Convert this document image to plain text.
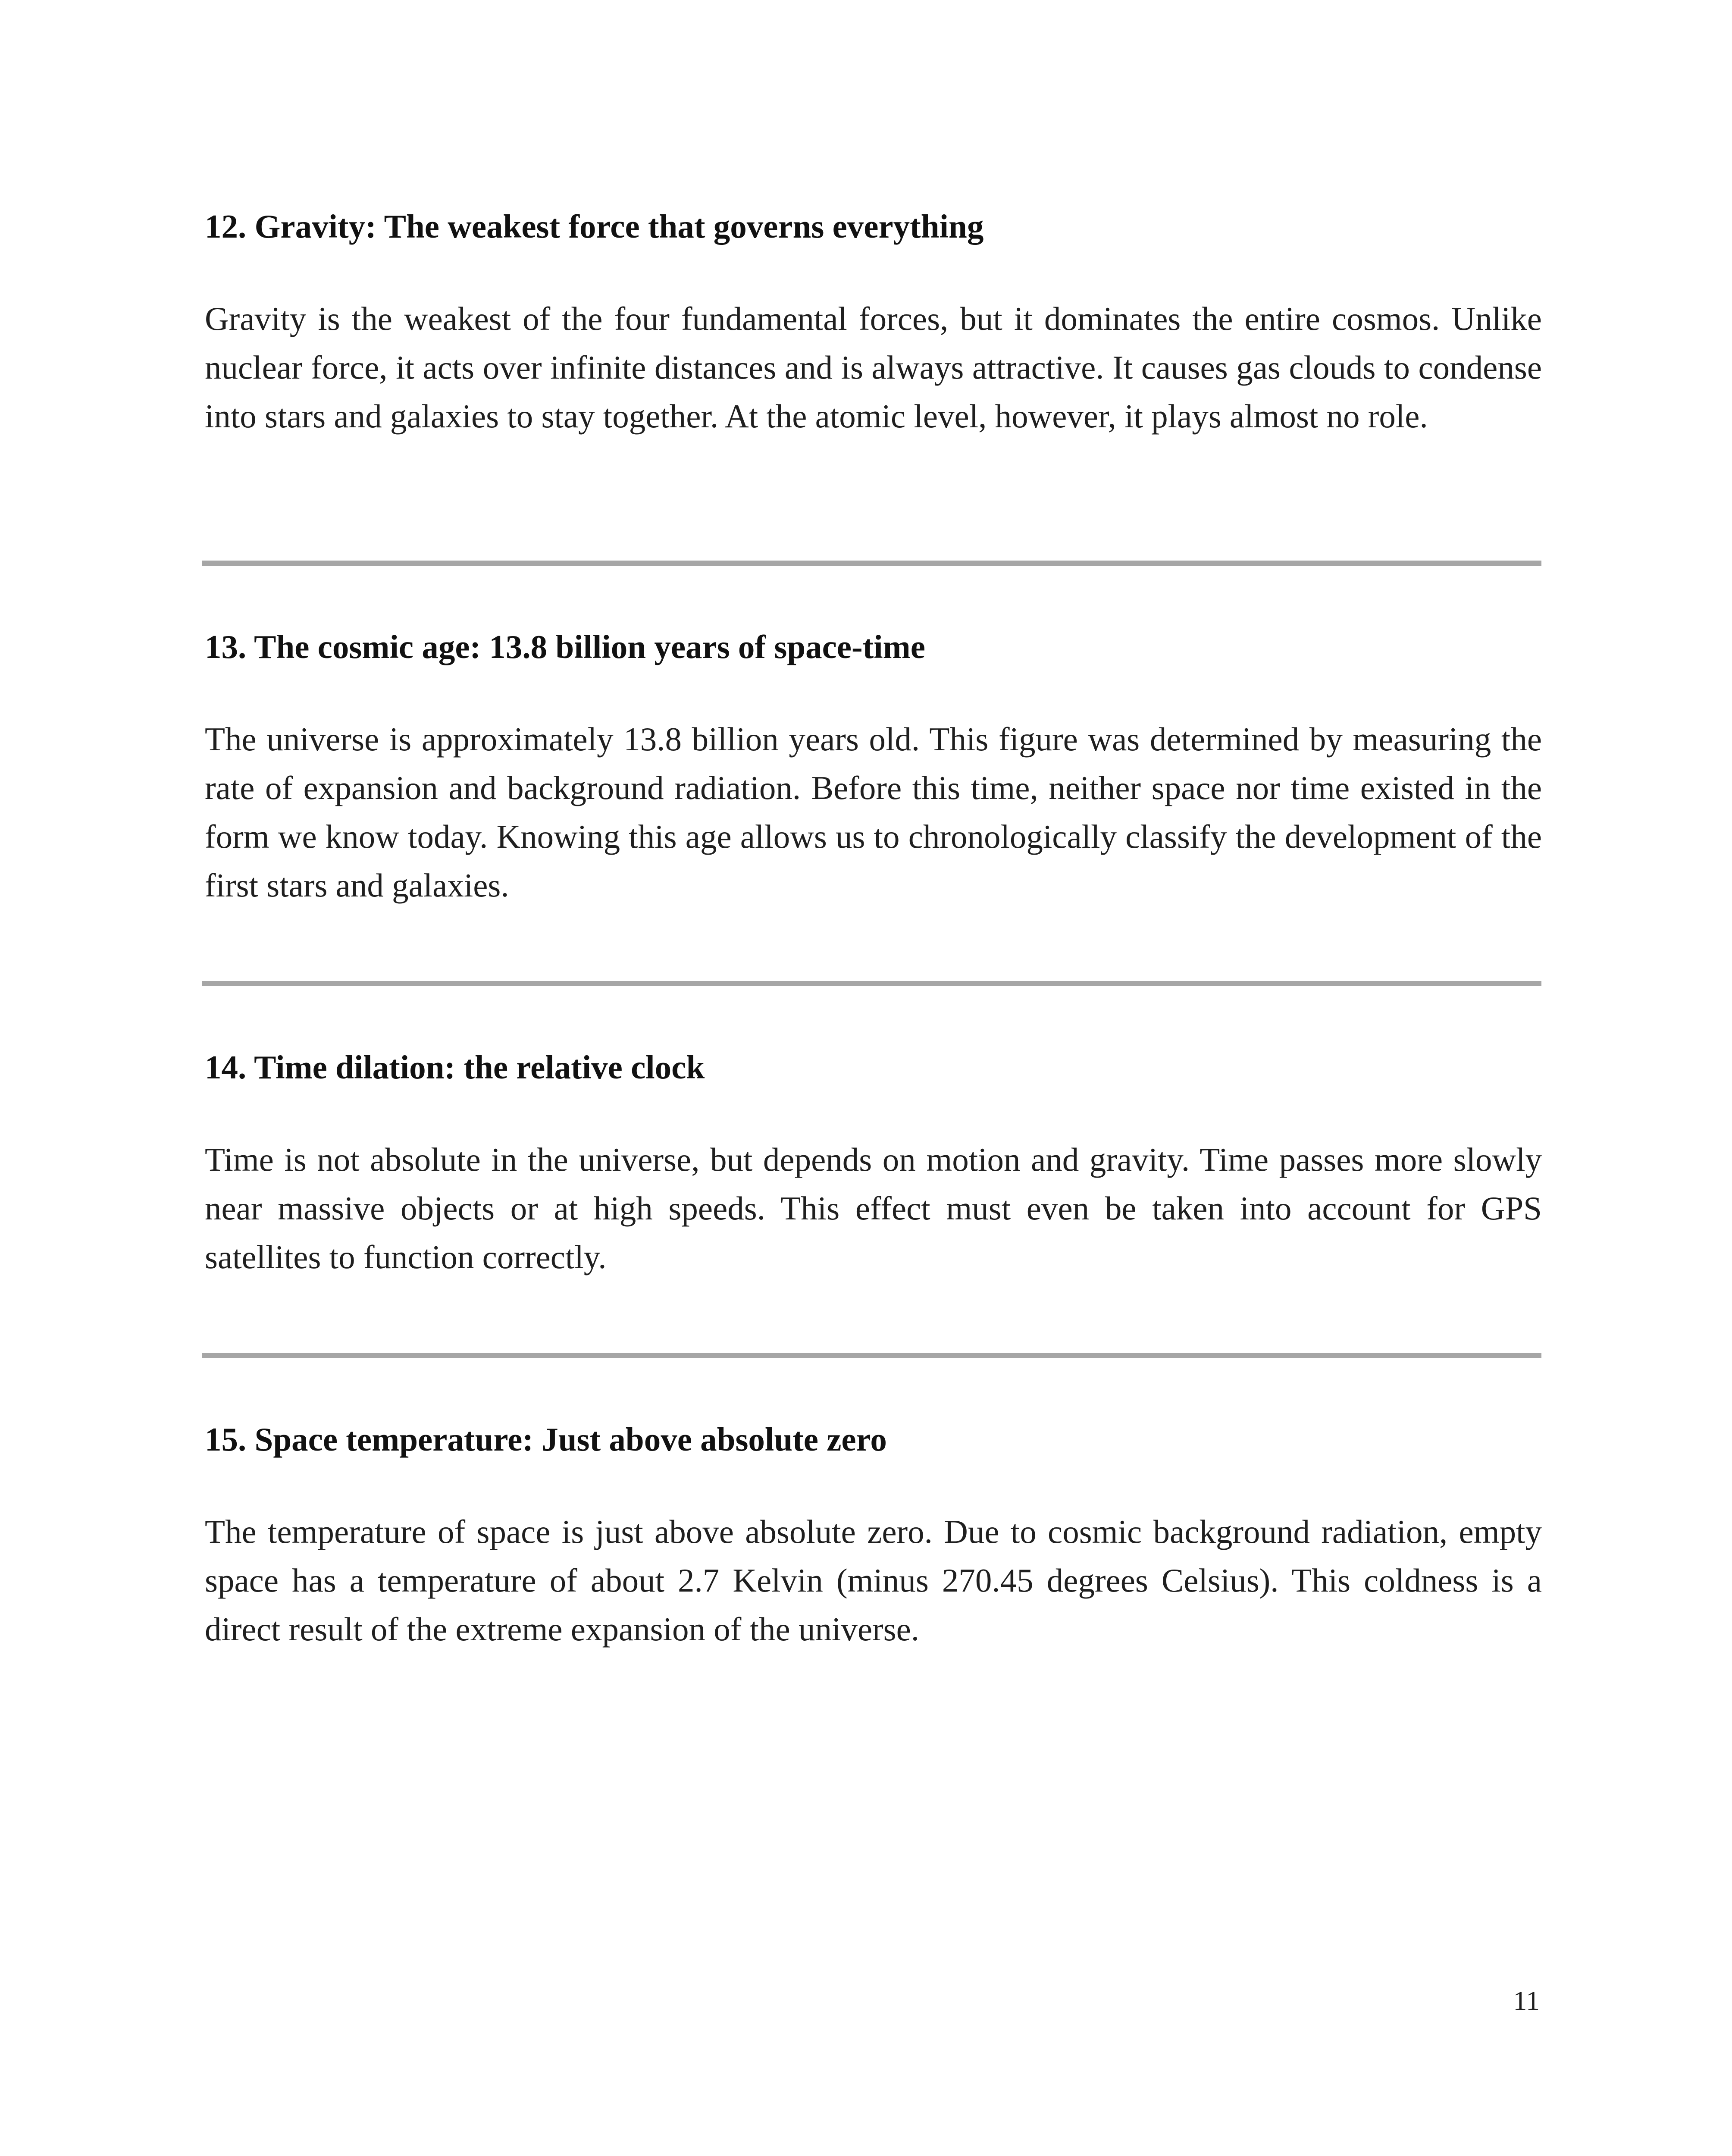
12. Gravity: The weakest force that governs everything

Gravity is the weakest of the four fundamental forces, but it dominates the entire cosmos. Unlike nuclear force, it acts over infinite distances and is always attractive. It causes gas clouds to condense into stars and galaxies to stay together. At the atomic level, however, it plays almost no role.

13. The cosmic age: 13.8 billion years of space-time

The universe is approximately 13.8 billion years old. This figure was determined by measuring the rate of expansion and background radiation. Before this time, neither space nor time existed in the form we know today. Knowing this age allows us to chronologically classify the development of the first stars and galaxies.

14. Time dilation: the relative clock

Time is not absolute in the universe, but depends on motion and gravity. Time passes more slowly near massive objects or at high speeds. This effect must even be taken into account for GPS satellites to function correctly.

15. Space temperature: Just above absolute zero

The temperature of space is just above absolute zero. Due to cosmic background radiation, empty space has a temperature of about 2.7 Kelvin (minus 270.45 degrees Celsius). This coldness is a direct result of the extreme expansion of the universe.

11
